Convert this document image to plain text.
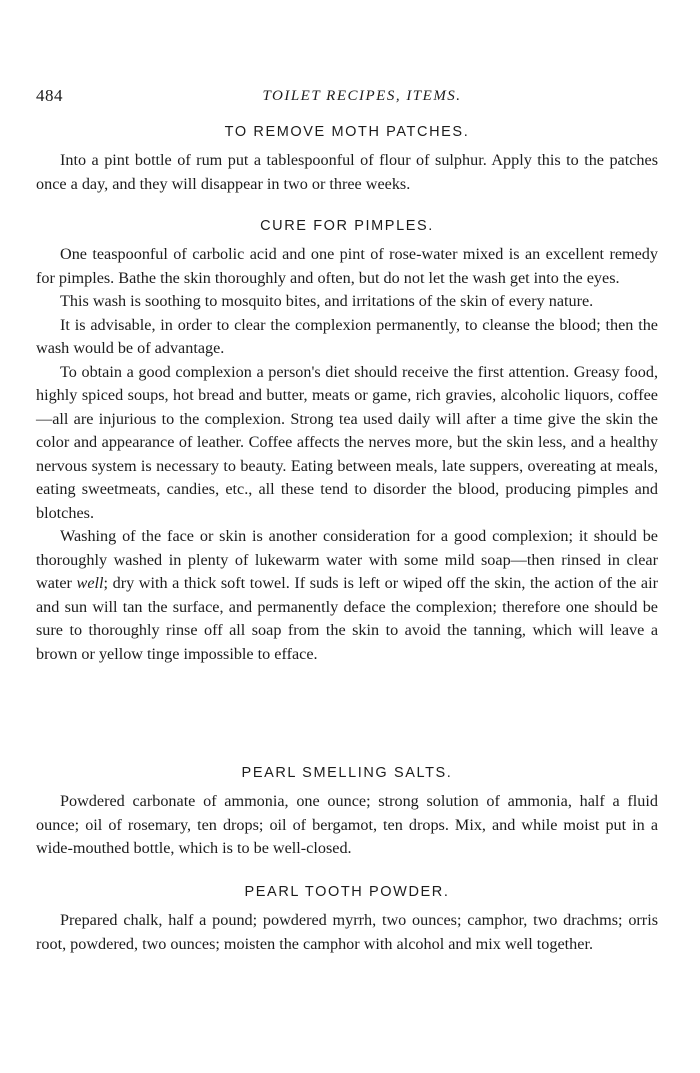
484	TOILET RECIPES, ITEMS.
TO REMOVE MOTH PATCHES.

Into a pint bottle of rum put a tablespoonful of flour of sulphur. Apply this to the patches once a day, and they will disappear in two or three weeks.

CURE FOR PIMPLES.

One teaspoonful of carbolic acid and one pint of rose-water mixed is an excellent remedy for pimples. Bathe the skin thoroughly and often, but do not let the wash get into the eyes.

This wash is soothing to mosquito bites, and irritations of the skin of every nature.

It is advisable, in order to clear the complexion permanently, to cleanse the blood; then the wash would be of advantage.

To obtain a good complexion a person's diet should receive the first attention. Greasy food, highly spiced soups, hot bread and butter, meats or game, rich gravies, alcoholic liquors, coffee—all are injurious to the complexion. Strong tea used daily will after a time give the skin the color and appearance of leather. Coffee affects the nerves more, but the skin less, and a healthy nervous system is necessary to beauty. Eating between meals, late suppers, overeating at meals, eating sweetmeats, candies, etc., all these tend to disorder the blood, producing pimples and blotches.

Washing of the face or skin is another consideration for a good complexion; it should be thoroughly washed in plenty of lukewarm water with some mild soap—then rinsed in clear water well; dry with a thick soft towel. If suds is left or wiped off the skin, the action of the air and sun will tan the surface, and permanently deface the complexion; therefore one should be sure to thoroughly rinse off all soap from the skin to avoid the tanning, which will leave a brown or yellow tinge impossible to efface.

PEARL SMELLING SALTS.

Powdered carbonate of ammonia, one ounce; strong solution of ammonia, half a fluid ounce; oil of rosemary, ten drops; oil of bergamot, ten drops. Mix, and while moist put in a wide-mouthed bottle, which is to be well-closed.

PEARL TOOTH POWDER.

Prepared chalk, half a pound; powdered myrrh, two ounces; camphor, two drachms; orris root, powdered, two ounces; moisten the camphor with alcohol and mix well together.
